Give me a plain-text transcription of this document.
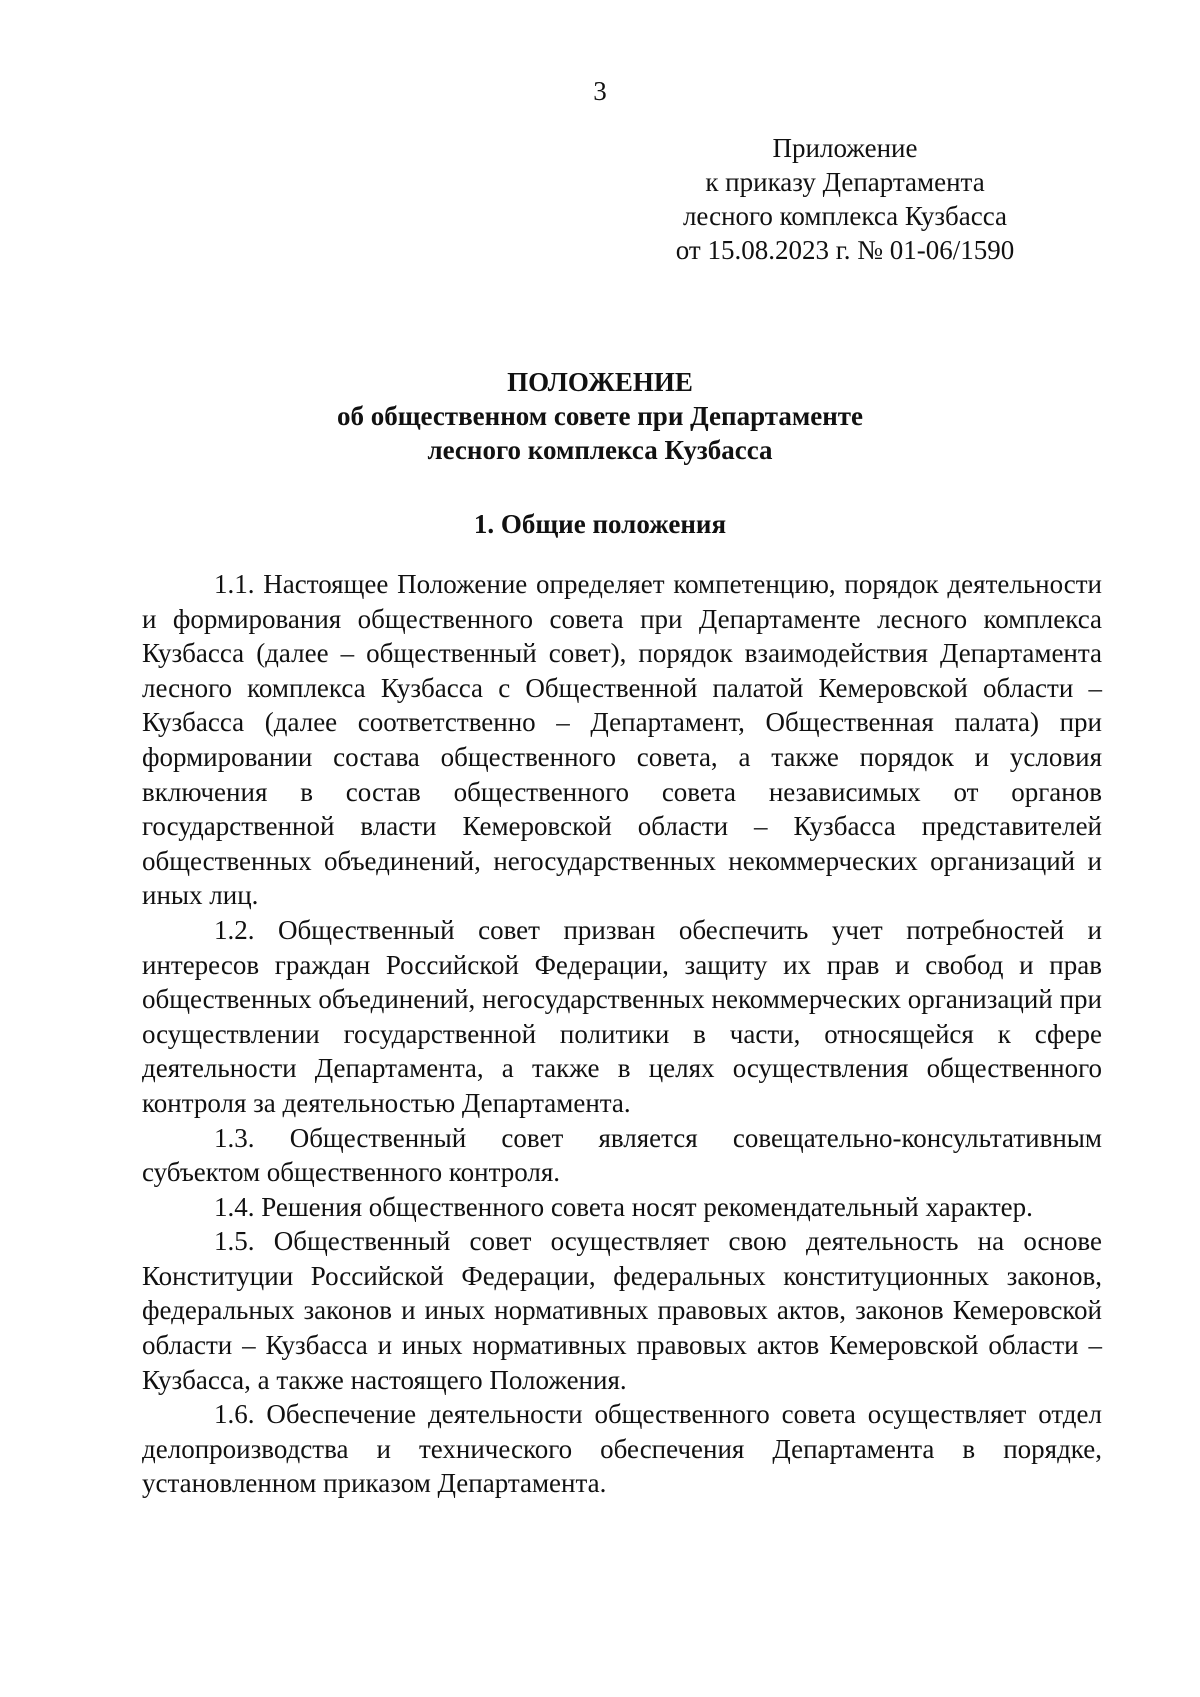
3
Приложение
к приказу Департамента
лесного комплекса Кузбасса
от 15.08.2023 г. № 01-06/1590
ПОЛОЖЕНИЕ
об общественном совете при Департаменте
лесного комплекса Кузбасса
1. Общие положения

1.1. Настоящее Положение определяет компетенцию, порядок деятельности и формирования общественного совета при Департаменте лесного комплекса Кузбасса (далее – общественный совет), порядок взаимодействия Департамента лесного комплекса Кузбасса с Общественной палатой Кемеровской области – Кузбасса (далее соответственно – Департамент, Общественная палата) при формировании состава общественного совета, а также порядок и условия включения в состав общественного совета независимых от органов государственной власти Кемеровской области – Кузбасса представителей общественных объединений, негосударственных некоммерческих организаций и иных лиц.

1.2. Общественный совет призван обеспечить учет потребностей и интересов граждан Российской Федерации, защиту их прав и свобод и прав общественных объединений, негосударственных некоммерческих организаций при осуществлении государственной политики в части, относящейся к сфере деятельности Департамента, а также в целях осуществления общественного контроля за деятельностью Департамента.

1.3. Общественный совет является совещательно-консультативным субъектом общественного контроля.

1.4. Решения общественного совета носят рекомендательный характер.

1.5. Общественный совет осуществляет свою деятельность на основе Конституции Российской Федерации, федеральных конституционных законов, федеральных законов и иных нормативных правовых актов, законов Кемеровской области – Кузбасса и иных нормативных правовых актов Кемеровской области – Кузбасса, а также настоящего Положения.

1.6. Обеспечение деятельности общественного совета осуществляет отдел делопроизводства и технического обеспечения Департамента в порядке, установленном приказом Департамента.
